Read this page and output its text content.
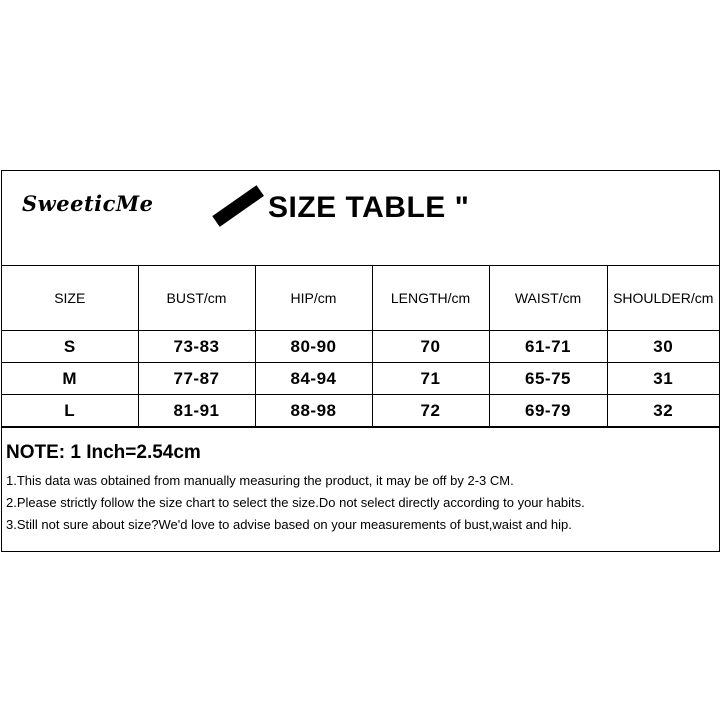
SweeticMe	SIZE TABLE "
SIZE	BUST/cm	HIP/cm	LENGTH/cm	WAIST/cm	SHOULDER/cm
S	73-83	80-90	70	61-71	30
M	77-87	84-94	71	65-75	31
L	81-91	88-98	72	69-79	32
NOTE: 1 Inch=2.54cm
1.This data was obtained from manually measuring the product, it may be off by 2-3 CM.
2.Please strictly follow the size chart to select the size.Do not select directly according to your habits.
3.Still not sure about size?We'd love to advise based on your measurements of bust,waist and hip.
